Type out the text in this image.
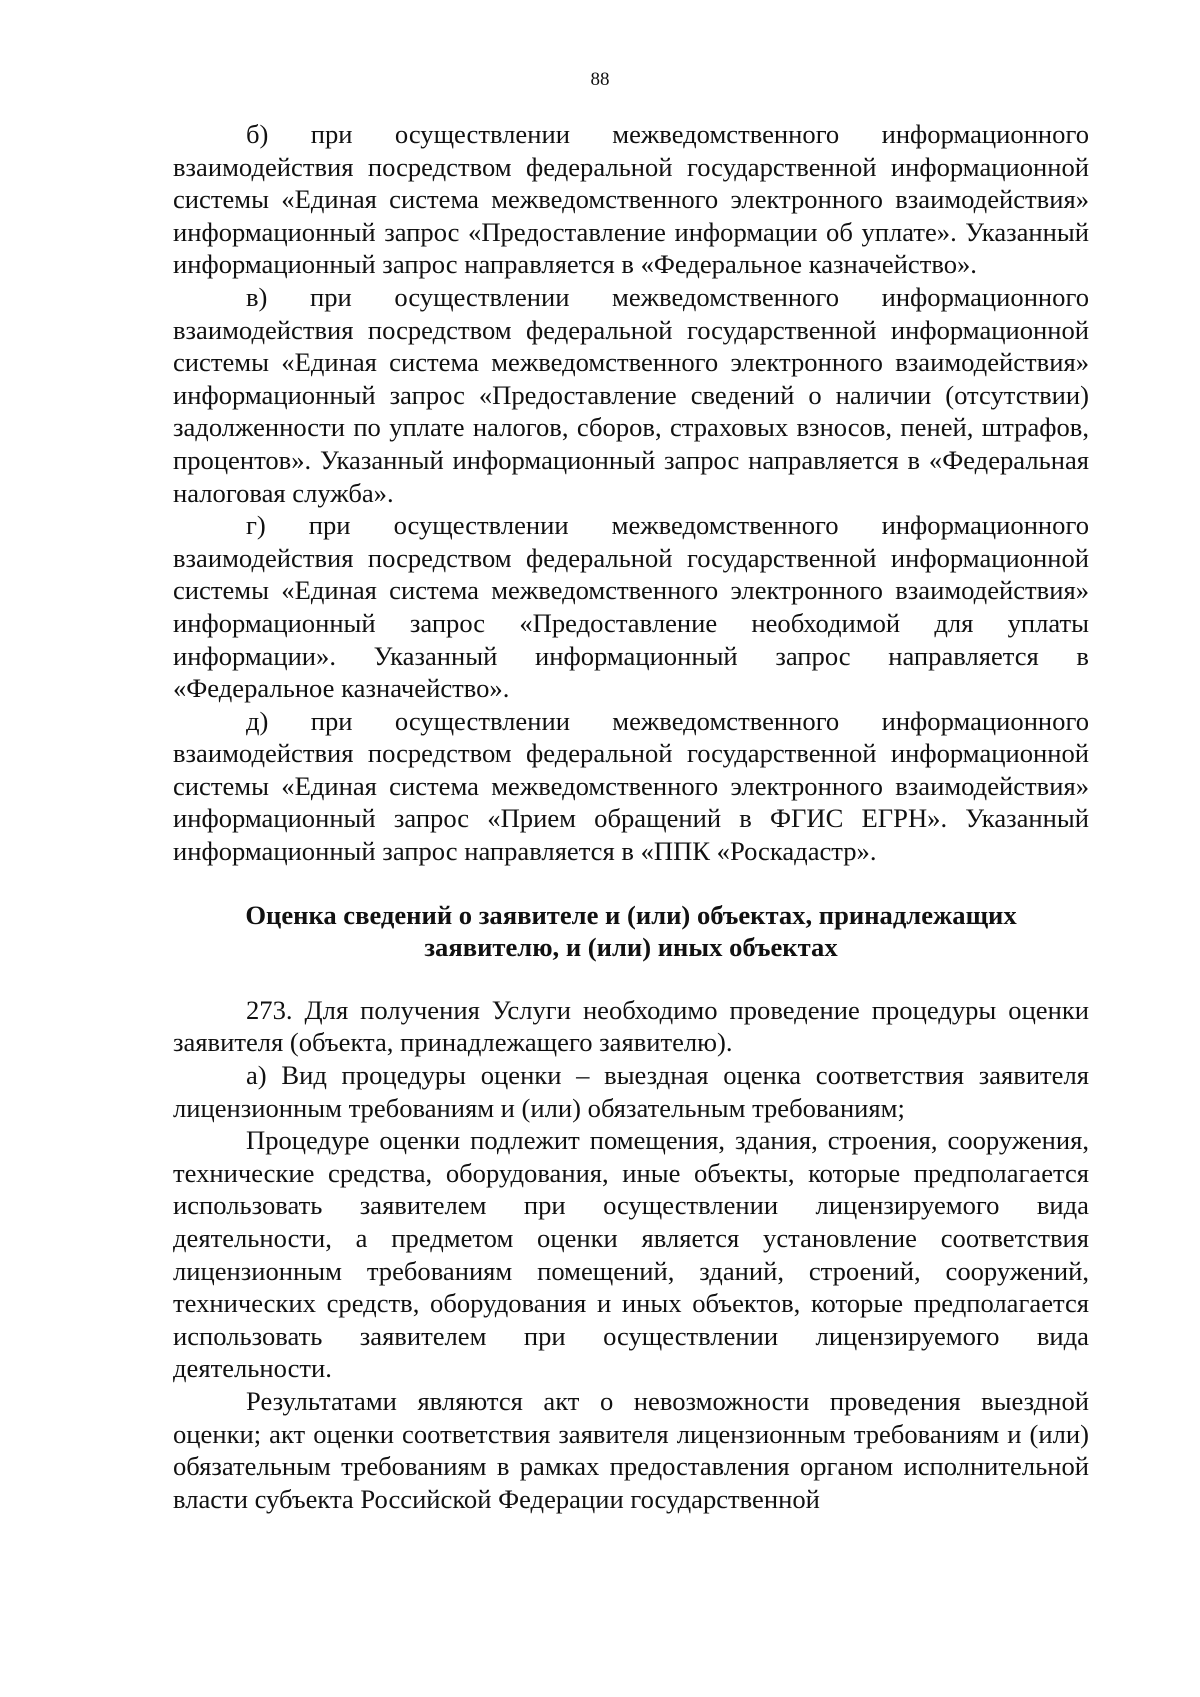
88

б) при осуществлении межведомственного информационного взаимодействия посредством федеральной государственной информационной системы «Единая система межведомственного электронного взаимодействия» информационный запрос «Предоставление информации об уплате». Указанный информационный запрос направляется в «Федеральное казначейство».

в) при осуществлении межведомственного информационного взаимодействия посредством федеральной государственной информационной системы «Единая система межведомственного электронного взаимодействия» информационный запрос «Предоставление сведений о наличии (отсутствии) задолженности по уплате налогов, сборов, страховых взносов, пеней, штрафов, процентов». Указанный информационный запрос направляется в «Федеральная налоговая служба».

г) при осуществлении межведомственного информационного взаимодействия посредством федеральной государственной информационной системы «Единая система межведомственного электронного взаимодействия» информационный запрос «Предоставление необходимой для уплаты информации». Указанный информационный запрос направляется в «Федеральное казначейство».

д) при осуществлении межведомственного информационного взаимодействия посредством федеральной государственной информационной системы «Единая система межведомственного электронного взаимодействия» информационный запрос «Прием обращений в ФГИС ЕГРН». Указанный информационный запрос направляется в «ППК «Роскадастр».

Оценка сведений о заявителе и (или) объектах, принадлежащих
заявителю, и (или) иных объектах

273. Для получения Услуги необходимо проведение процедуры оценки заявителя (объекта, принадлежащего заявителю).

а) Вид процедуры оценки – выездная оценка соответствия заявителя лицензионным требованиям и (или) обязательным требованиям;

Процедуре оценки подлежит помещения, здания, строения, сооружения, технические средства, оборудования, иные объекты, которые предполагается использовать заявителем при осуществлении лицензируемого вида деятельности, а предметом оценки является установление соответствия лицензионным требованиям помещений, зданий, строений, сооружений, технических средств, оборудования и иных объектов, которые предполагается использовать заявителем при осуществлении лицензируемого вида деятельности.

Результатами являются акт о невозможности проведения выездной оценки; акт оценки соответствия заявителя лицензионным требованиям и (или) обязательным требованиям в рамках предоставления органом исполнительной власти субъекта Российской Федерации государственной
